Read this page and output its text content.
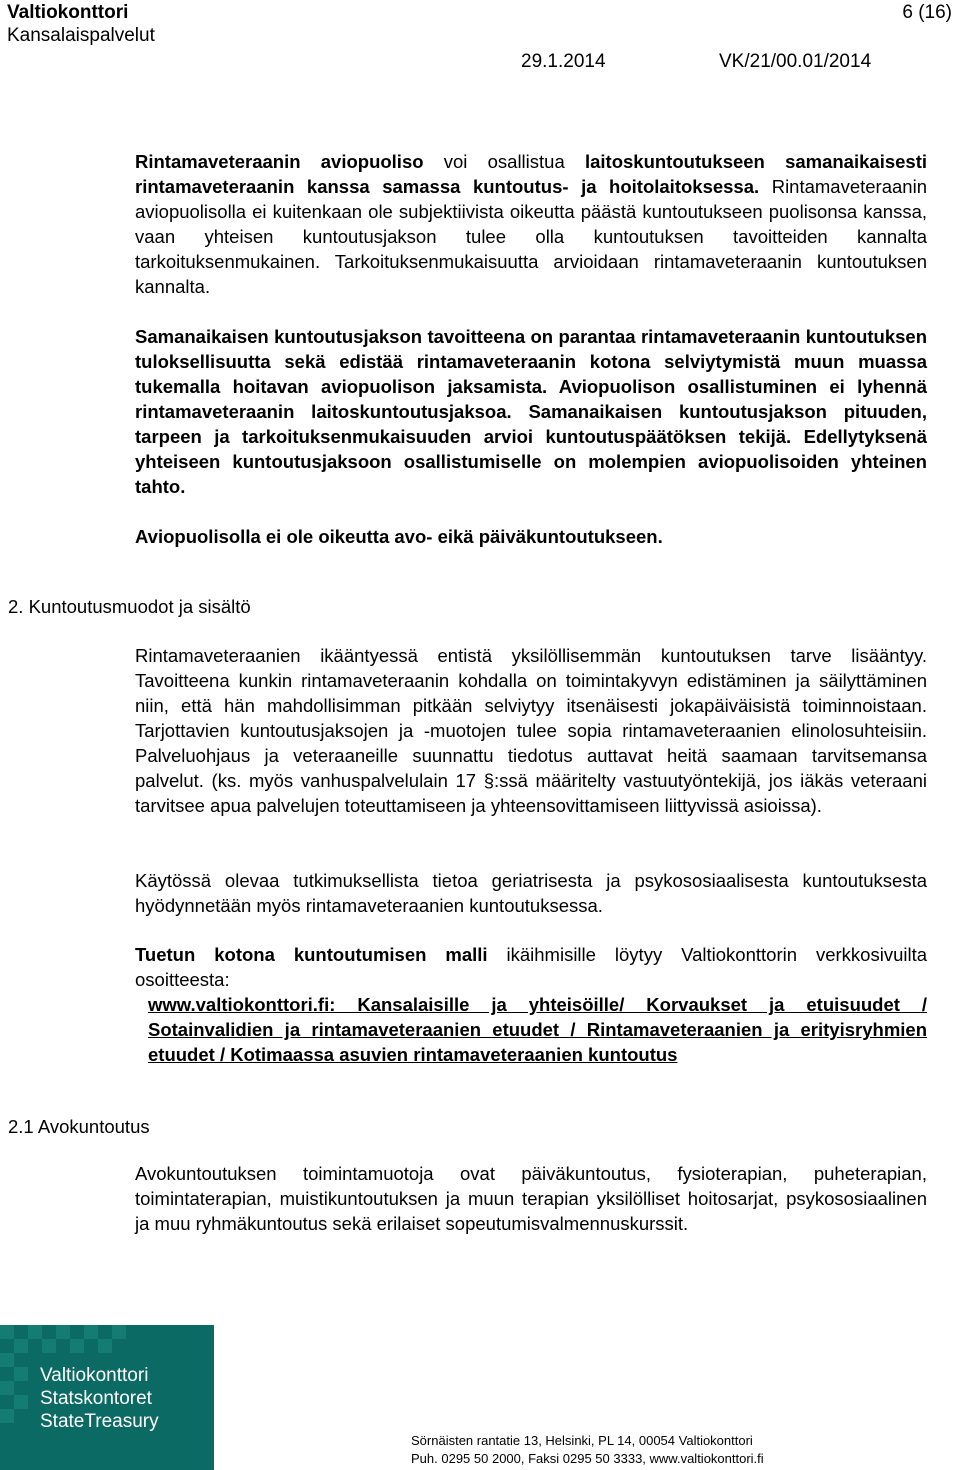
Valtiokonttori
Kansalaispalvelut
6 (16)
29.1.2014	VK/21/00.01/2014
Rintamaveteraanin aviopuoliso voi osallistua laitoskuntoutukseen samanaikaisesti rintamaveteraanin kanssa samassa kuntoutus- ja hoitolaitoksessa. Rintamaveteraanin aviopuolisolla ei kuitenkaan ole subjektiivista oikeutta päästä kuntoutukseen puolisonsa kanssa, vaan yhteisen kuntoutusjakson tulee olla kuntoutuksen tavoitteiden kannalta tarkoituksenmukainen. Tarkoituksenmukaisuutta arvioidaan rintamaveteraanin kuntoutuksen kannalta.
Samanaikaisen kuntoutusjakson tavoitteena on parantaa rintamaveteraanin kuntoutuksen tuloksellisuutta sekä edistää rintamaveteraanin kotona selviytymistä muun muassa tukemalla hoitavan aviopuolison jaksamista. Aviopuolison osallistuminen ei lyhennä rintamaveteraanin laitoskuntoutusjaksoa. Samanaikaisen kuntoutusjakson pituuden, tarpeen ja tarkoituksenmukaisuuden arvioi kuntoutuspäätöksen tekijä. Edellytyksenä yhteiseen kuntoutusjaksoon osallistumiselle on molempien aviopuolisoiden yhteinen tahto.
Aviopuolisolla ei ole oikeutta avo- eikä päiväkuntoutukseen.
2. Kuntoutusmuodot ja sisältö
Rintamaveteraanien ikääntyessä entistä yksilöllisemmän kuntoutuksen tarve lisääntyy. Tavoitteena kunkin rintamaveteraanin kohdalla on toimintakyvyn edistäminen ja säilyttäminen niin, että hän mahdollisimman pitkään selviytyy itsenäisesti jokapäiväisistä toiminnoistaan. Tarjottavien kuntoutusjaksojen ja -muotojen tulee sopia rintamaveteraanien elinolosuhteisiin. Palveluohjaus ja veteraaneille suunnattu tiedotus auttavat heitä saamaan tarvitsemansa palvelut. (ks. myös vanhuspalvelulain 17 §:ssä määritelty vastuutyöntekijä, jos iäkäs veteraani tarvitsee apua palvelujen toteuttamiseen ja yhteensovittamiseen liittyvissä asioissa).
Käytössä olevaa tutkimuksellista tietoa geriatrisesta ja psykososiaalisesta kuntoutuksesta hyödynnetään myös rintamaveteraanien kuntoutuksessa.
Tuetun kotona kuntoutumisen malli ikäihmisille löytyy Valtiokonttorin verkkosivuilta osoitteesta:
www.valtiokonttori.fi: Kansalaisille ja yhteisöille/ Korvaukset ja etuisuudet / Sotainvalidien ja rintamaveteraanien etuudet / Rintamaveteraanien ja erityisryhmien etuudet / Kotimaassa asuvien rintamaveteraanien kuntoutus
2.1 Avokuntoutus
Avokuntoutuksen toimintamuotoja ovat päiväkuntoutus, fysioterapian, puheterapian, toimintaterapian, muistikuntoutuksen ja muun terapian yksilölliset hoitosarjat, psykososiaalinen ja muu ryhmäkuntoutus sekä erilaiset sopeutumisvalmennuskurssit.
Valtiokonttori
Statskontoret
StateTreasury
Sörnäisten rantatie 13, Helsinki, PL 14, 00054 Valtiokonttori
Puh. 0295 50 2000, Faksi 0295 50 3333, www.valtiokonttori.fi
